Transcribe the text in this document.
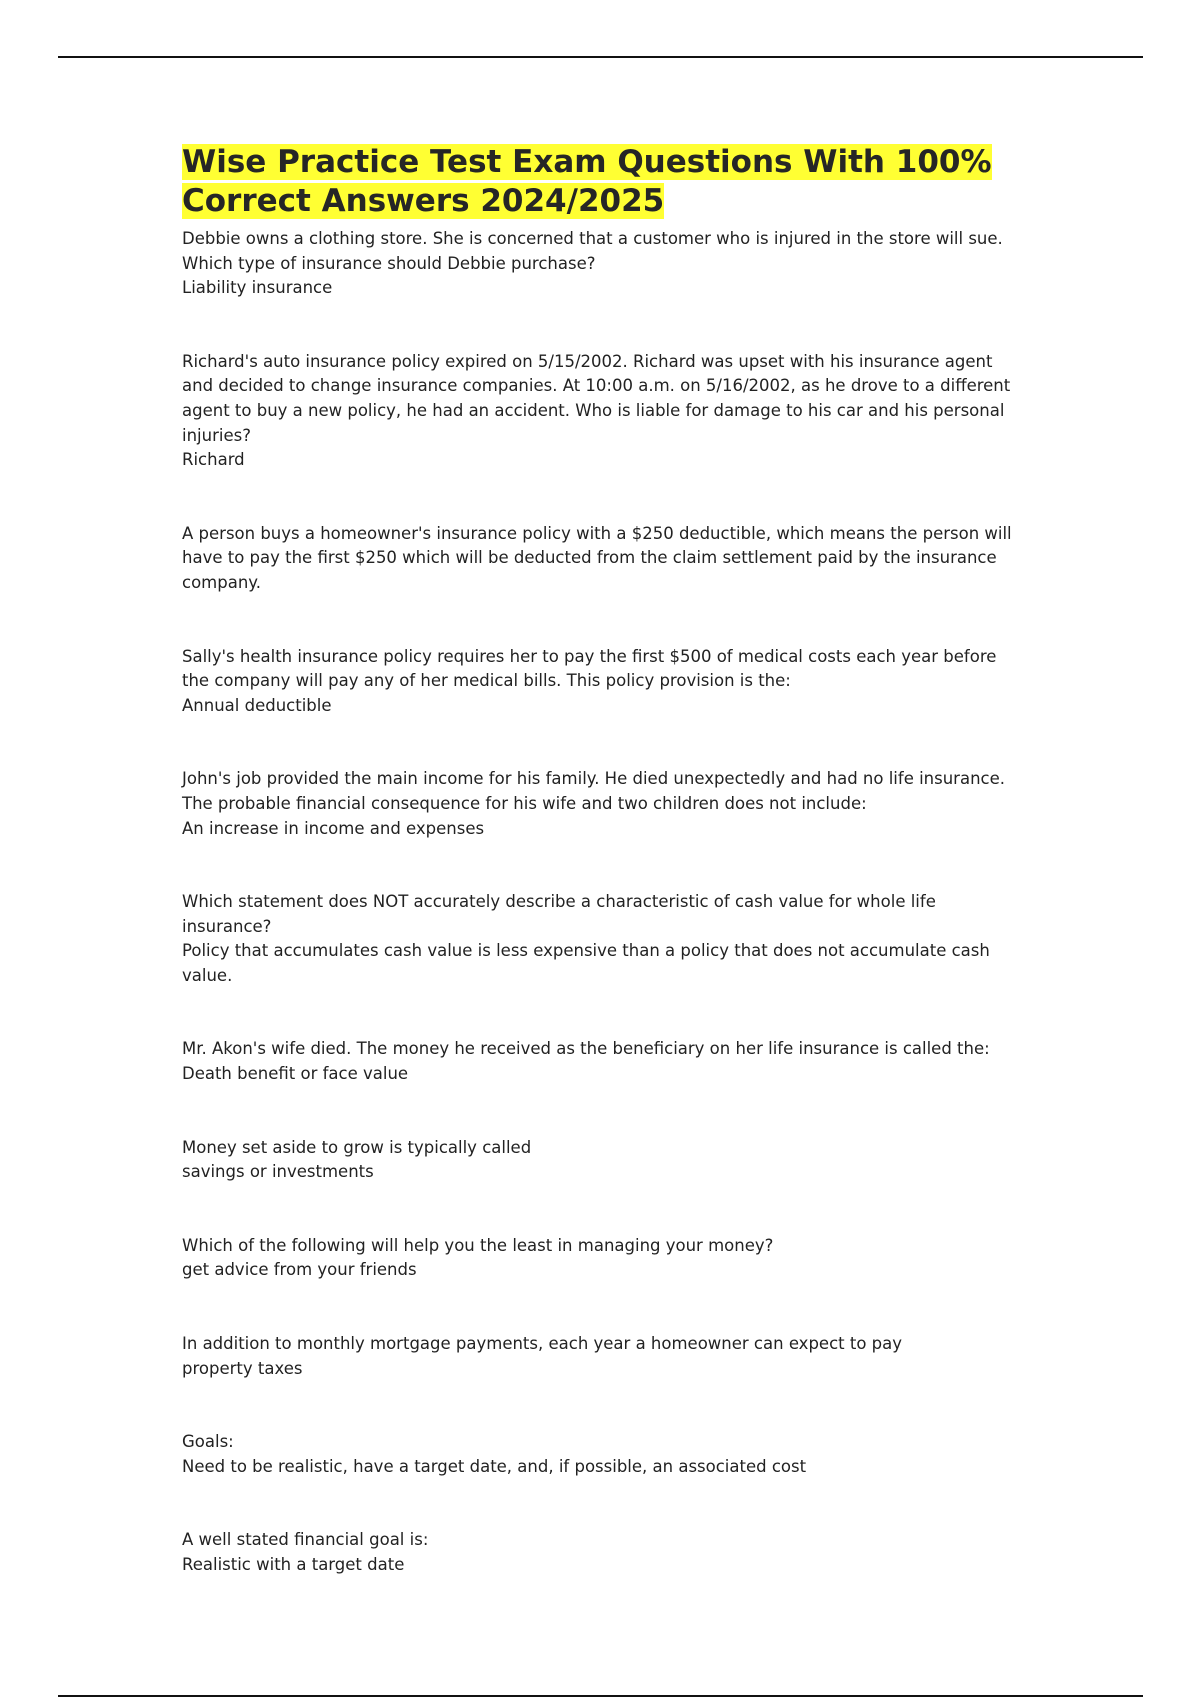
Wise Practice Test Exam Questions With 100% Correct Answers 2024/2025

Debbie owns a clothing store. She is concerned that a customer who is injured in the store will sue. Which type of insurance should Debbie purchase?

Liability insurance

Richard's auto insurance policy expired on 5/15/2002. Richard was upset with his insurance agent and decided to change insurance companies. At 10:00 a.m. on 5/16/2002, as he drove to a different agent to buy a new policy, he had an accident. Who is liable for damage to his car and his personal injuries?

Richard

A person buys a homeowner's insurance policy with a $250 deductible, which means the person will have to pay the first $250 which will be deducted from the claim settlement paid by the insurance company.

Sally's health insurance policy requires her to pay the first $500 of medical costs each year before the company will pay any of her medical bills. This policy provision is the:

Annual deductible

John's job provided the main income for his family. He died unexpectedly and had no life insurance. The probable financial consequence for his wife and two children does not include:

An increase in income and expenses

Which statement does NOT accurately describe a characteristic of cash value for whole life insurance?

Policy that accumulates cash value is less expensive than a policy that does not accumulate cash value.

Mr. Akon's wife died. The money he received as the beneficiary on her life insurance is called the:

Death benefit or face value

Money set aside to grow is typically called

savings or investments

Which of the following will help you the least in managing your money?

get advice from your friends

In addition to monthly mortgage payments, each year a homeowner can expect to pay

property taxes

Goals:

Need to be realistic, have a target date, and, if possible, an associated cost

A well stated financial goal is:

Realistic with a target date
